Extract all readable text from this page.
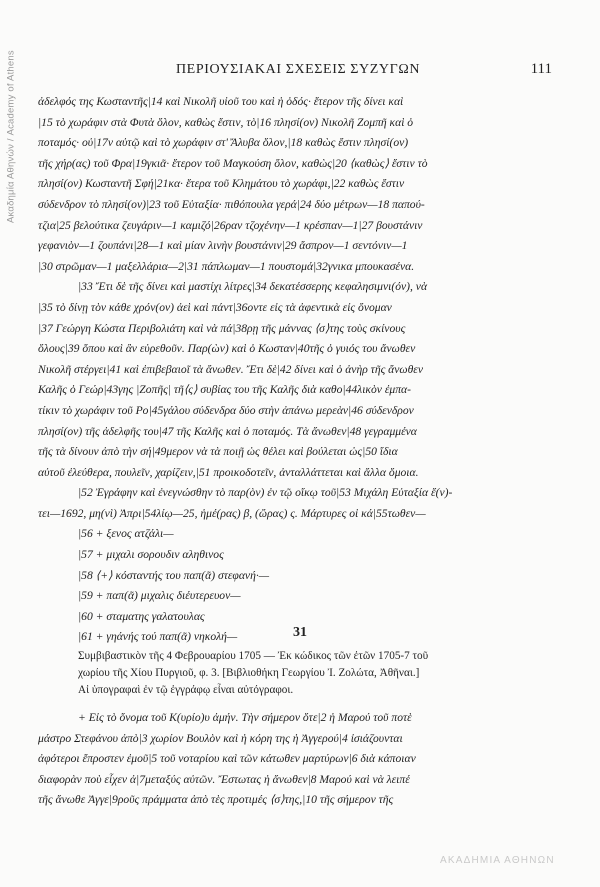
Ακαδημία Αθηνών / Academy of Athens	ΠΕΡΙΟΥΣΙΑΚΑΙ ΣΧΕΣΕΙΣ ΣΥΖΥΓΩΝ	111
ἀδελφός της Κωσταντῆς|14 καὶ Νικολῆ υἱοῦ του καὶ ἡ ὁδός· ἕτερον τῆς δίνει καὶ
|15 τὸ χωράφιν στὰ Φυτὰ ὅλον, καθὼς ἔστιν, τὸ|16 πλησί(ον) Νικολῆ Ζομπῆ καὶ ὁ
ποταμός· οὐ|17ν αὐτῷ καὶ τὸ χωράφιν στ' Ἄλυβα ὅλον,|18 καθὼς ἔστιν πλησί(ον)
τῆς χήρ(ας) τοῦ Φρα|19γκιᾶ· ἕτερον τοῦ Μαγκούση ὅλον, καθὼς|20 ⟨καθὼς⟩ ἔστιν τὸ
πλησί(ον) Κωσταντῆ Σφή|21κα· ἕτερα τοῦ Κλημάτου τὸ χωράφι,|22 καθὼς ἔστιν
σύδενδρον τὸ πλησί(ον)|23 τοῦ Εὐταξία· πιθόπουλα γερά|24 δύο μέτρων—18 παπού-
τζια|25 βελούτικα ζευγάριν—1 καμιζό|26ραν τζοχένην—1 κρέσπαν—1|27 βουστάνιν
γεφανιὸν—1 ζουπάνι|28—1 καὶ μίαν λινὴν βουστάνιν|29 ἄσπρον—1 σεντόνιν—1
|30 στρῶμαν—1 μαξελλάρια—2|31 πάπλωμαν—1 πουστομά|32γνικα μπουκασένα.
|33 Ἔτι δὲ τῆς δίνει καὶ μαστίχι λίτρες|34 δεκατέσσερης κεφαλησιμνι(όν), νὰ
|35 τὸ δίνῃ τὸν κάθε χρόν(ον) ἀεὶ καὶ πάντ|36οντε εἰς τὰ ἀφεντικὰ εἰς ὄνομαν
|37 Γεώργη Κώστα Περιβολιάτη καὶ νὰ πά|38ρῃ τῆς μάννας ⟨σ⟩της τοὺς σκίνους
ὅλους|39 ὅπου καὶ ἂν εὑρεθοῦν. Παρ(ὼν) καὶ ὁ Κωσταν|40τῆς ὁ γυιός του ἄνωθεν
Νικολῆ στέργει|41 καὶ ἐπιβεβαιοῖ τὰ ἄνωθεν. Ἔτι δὲ|42 δίνει καὶ ὁ ἀνὴρ τῆς ἄνωθεν
Καλῆς ὁ Γεώρ|43γης |Ζοπῆς| τῆ⟨ς⟩ συβίας του τῆς Καλῆς διὰ καθο|44λικὸν ἐμπα-
τίκιν τὸ χωράφιν τοῦ Ρο|45γάλου σύδενδρα δύο στὴν ἀπάνω μερεὰν|46 σύδενδρον
πλησί(ον) τῆς ἀδελφῆς του|47 τῆς Καλῆς καὶ ὁ ποταμός. Τὰ ἄνωθεν|48 γεγραμμένα
τῆς τὰ δίνουν ἀπὸ τὴν σή|49μερον νὰ τὰ ποιῇ ὡς θέλει καὶ βούλεται ὡς|50 ἴδια
αὐτοῦ ἐλεύθερα, πουλεῖν, χαρίζειν,|51 προικοδοτεῖν, ἀνταλλάττεται καὶ ἄλλα ὅμοια.
|52 Ἐγράφην καὶ ἐνεγνώσθην τὸ παρ(ὸν) ἐν τῷ οἴκῳ τοῦ|53 Μιχάλη Εὐταξία ἔ(ν)-
τει—1692, μη(νὶ) Ἀπρι|54λίῳ—25, ἡμέ(ρας) β, (ὥρας) ς. Μάρτυρες οἱ κά|55τωθεν—
|56 + ξενος ατζάλι—
|57 + μιχαλι σορουδιν αληθινος
|58 ⟨+⟩ κόσταντής του παπ(ᾶ) στεφανή·—
|59 + παπ(ᾶ) μιχαλις διέυτερευον—
|60 + σταματης γαλατουλας
|61 + γηάνής τού παπ(ᾶ) νηκολή—	31
Συμβιβαστικὸν τῆς 4 Φεβρουαρίου 1705 — Ἐκ κώδικος τῶν ἐτῶν 1705-7 τοῦ
χωρίου τῆς Χίου Πυργιοῦ, φ. 3. [Βιβλιοθήκη Γεωργίου Ἰ. Ζολώτα, Ἀθῆναι.]
Αἱ ὑπογραφαὶ ἐν τῷ ἐγγράφῳ εἶναι αὐτόγραφοι.
+ Εἰς τὸ ὄνομα τοῦ Κ(υρίο)υ ἀμήν. Τὴν σήμερον ὅτε|2 ἡ Μαρού τοῦ ποτὲ
μάστρο Στεφάνου ἀπὸ|3 χωρίον Βουλὸν καὶ ἡ κόρη της ἡ Ἀγγερού|4 ἰσιάζουνται
ἀφότεροι ἔπροστεν ἐμοῦ|5 τοῦ νοταρίου καὶ τῶν κάτωθεν μαρτύρων|6 διὰ κάποιαν
διαφορὰν ποὺ εἶχεν ἀ|7μεταξύς αὐτῶν. Ἔστωτας ἡ ἄνωθεν|8 Μαρού καὶ νὰ λειπέ
τῆς ἄνωθε Ἀγγε|9ροῦς πράμματα ἀπὸ τὲς προτιμές ⟨σ⟩της,|10 τῆς σήμερον τῆς
ΑΚΑΔΗΜΙΑ ΑΘΗΝΩΝ
